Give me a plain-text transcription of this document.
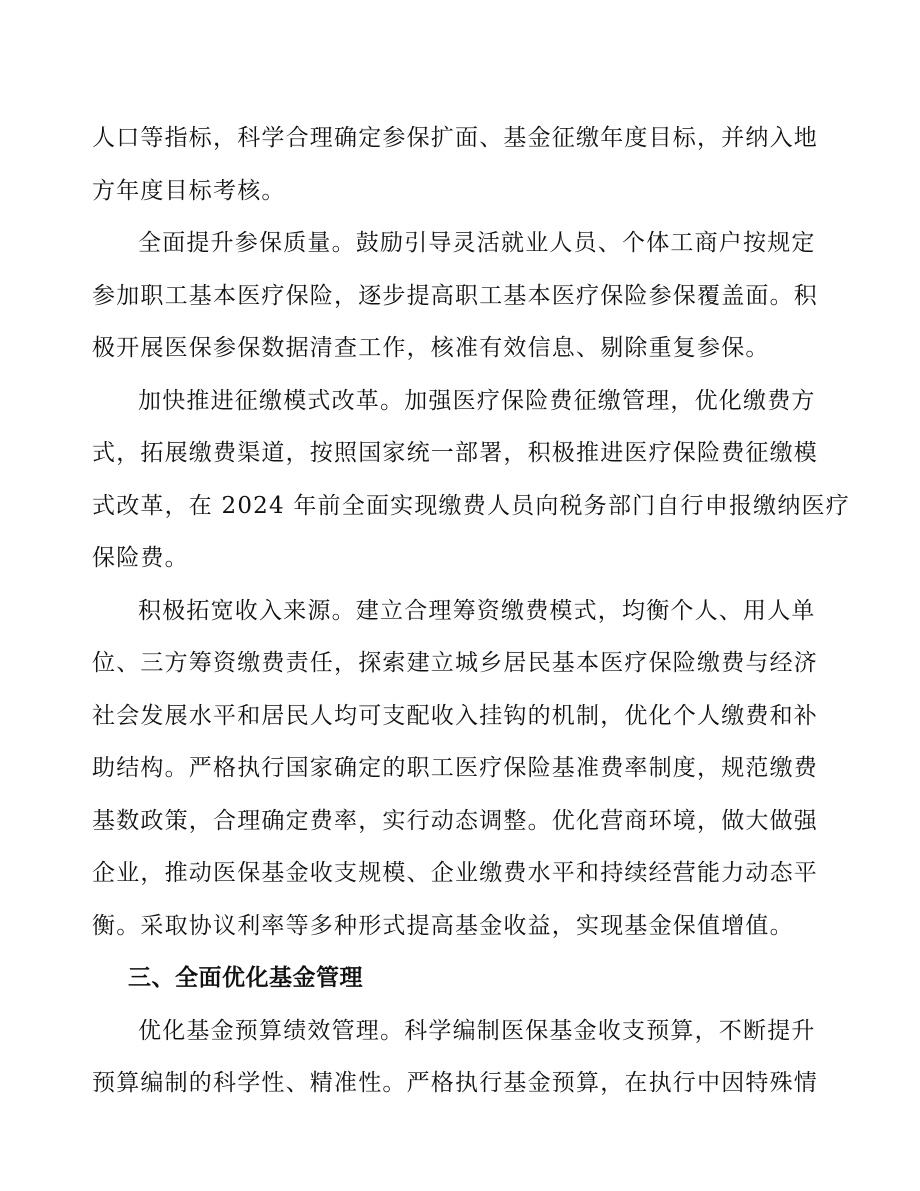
人口等指标，科学合理确定参保扩面、基金征缴年度目标，并纳入地
方年度目标考核。
全面提升参保质量。鼓励引导灵活就业人员、个体工商户按规定
参加职工基本医疗保险，逐步提高职工基本医疗保险参保覆盖面。积
极开展医保参保数据清查工作，核准有效信息、剔除重复参保。
加快推进征缴模式改革。加强医疗保险费征缴管理，优化缴费方
式，拓展缴费渠道，按照国家统一部署，积极推进医疗保险费征缴模
式改革，在 2024 年前全面实现缴费人员向税务部门自行申报缴纳医疗
保险费。
积极拓宽收入来源。建立合理筹资缴费模式，均衡个人、用人单
位、三方筹资缴费责任，探索建立城乡居民基本医疗保险缴费与经济
社会发展水平和居民人均可支配收入挂钩的机制，优化个人缴费和补
助结构。严格执行国家确定的职工医疗保险基准费率制度，规范缴费
基数政策，合理确定费率，实行动态调整。优化营商环境，做大做强
企业，推动医保基金收支规模、企业缴费水平和持续经营能力动态平
衡。采取协议利率等多种形式提高基金收益，实现基金保值增值。
三、全面优化基金管理
优化基金预算绩效管理。科学编制医保基金收支预算，不断提升
预算编制的科学性、精准性。严格执行基金预算，在执行中因特殊情
